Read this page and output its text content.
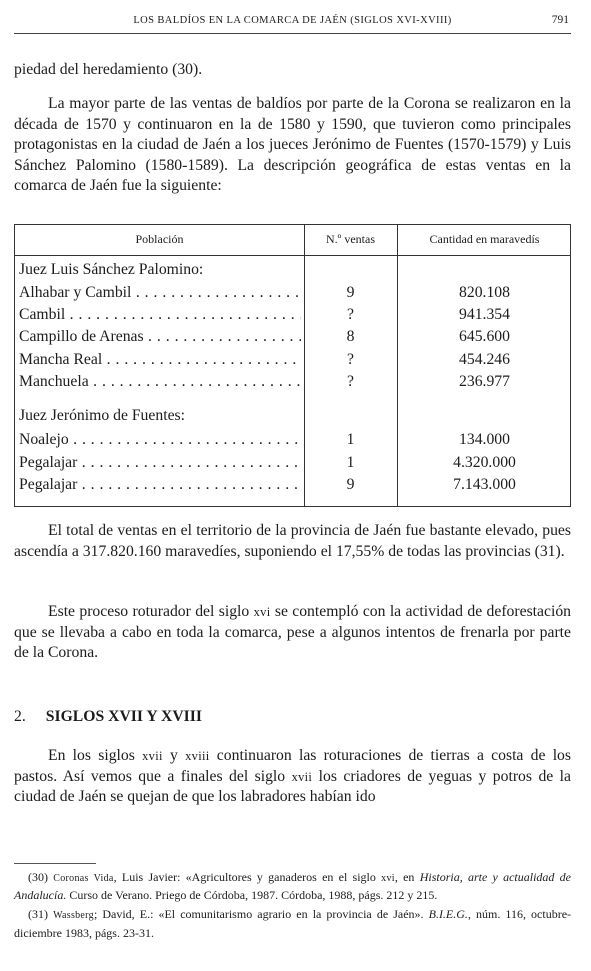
LOS BALDÍOS EN LA COMARCA DE JAÉN (SIGLOS XVI-XVIII)	791

piedad del heredamiento (30).

La mayor parte de las ventas de baldíos por parte de la Corona se realizaron en la década de 1570 y continuaron en la de 1580 y 1590, que tuvieron como principales protagonistas en la ciudad de Jaén a los jueces Jerónimo de Fuentes (1570-1579) y Luis Sánchez Palomino (1580-1589). La descripción geográfica de estas ventas en la comarca de Jaén fue la siguiente:

Población	N.º ventas	Cantidad en maravedís
Juez Luis Sánchez Palomino:
Alhabar y Cambil . . .	9	820.108
Cambil . . .	?	941.354
Campillo de Arenas . . .	8	645.600
Mancha Real . . .	?	454.246
Manchuela . . .	?	236.977
Juez Jerónimo de Fuentes:
Noalejo . . .	1	134.000
Pegalajar . . .	1	4.320.000
Pegalajar . . .	9	7.143.000

El total de ventas en el territorio de la provincia de Jaén fue bastante elevado, pues ascendía a 317.820.160 maravedíes, suponiendo el 17,55% de todas las provincias (31).

Este proceso roturador del siglo xvi se contempló con la actividad de deforestación que se llevaba a cabo en toda la comarca, pese a algunos intentos de frenarla por parte de la Corona.

2. SIGLOS XVII Y XVIII

En los siglos xvii y xviii continuaron las roturaciones de tierras a costa de los pastos. Así vemos que a finales del siglo xvii los criadores de yeguas y potros de la ciudad de Jaén se quejan de que los labradores habían ido

(30) Coronas Vida, Luis Javier: «Agricultores y ganaderos en el siglo xvi, en Historia, arte y actualidad de Andalucía. Curso de Verano. Priego de Córdoba, 1987. Córdoba, 1988, págs. 212 y 215.

(31) Wassberg; David, E.: «El comunitarismo agrario en la provincia de Jaén». B.I.E.G., núm. 116, octubre-diciembre 1983, págs. 23-31.
